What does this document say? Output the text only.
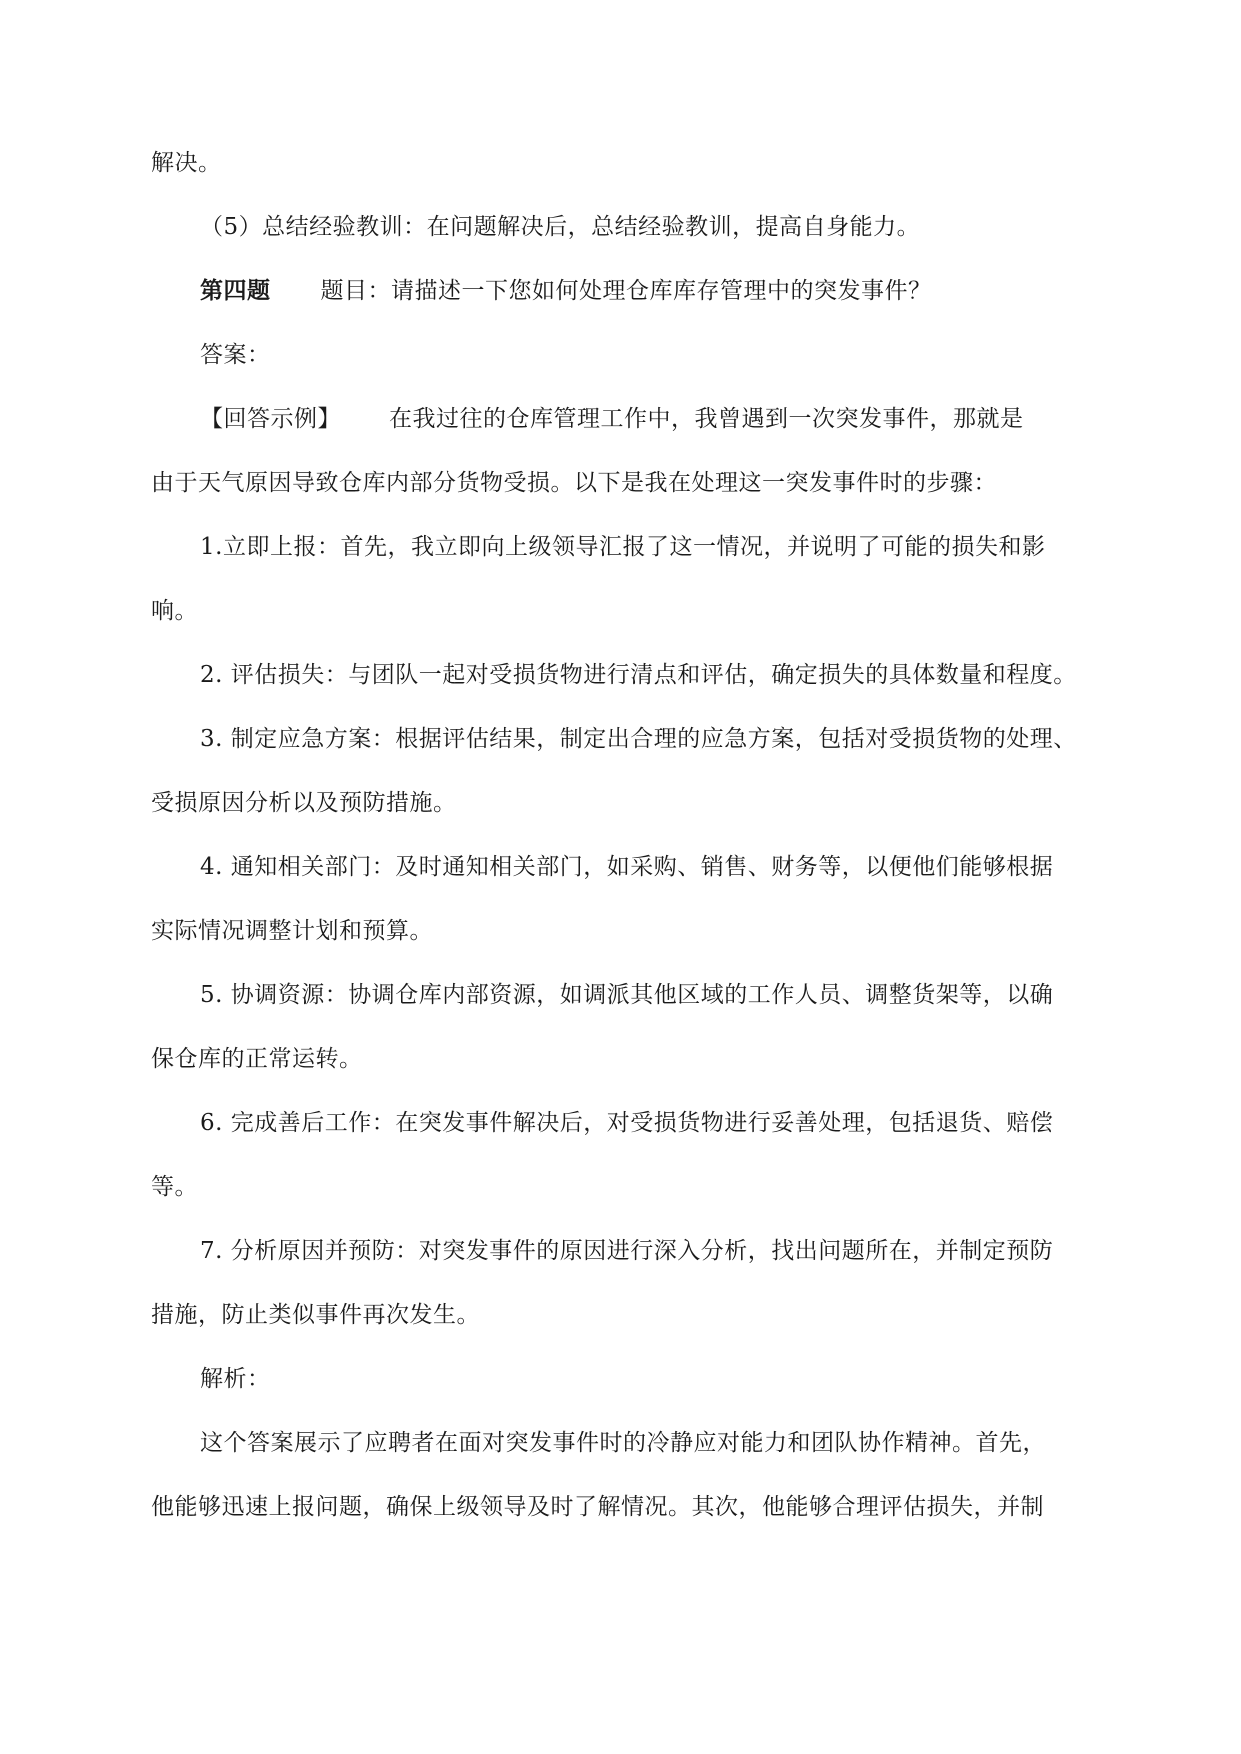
解决。
（5）总结经验教训：在问题解决后，总结经验教训，提高自身能力。
第四题 题目：请描述一下您如何处理仓库库存管理中的突发事件？
答案：
【回答示例】 在我过往的仓库管理工作中，我曾遇到一次突发事件，那就是
由于天气原因导致仓库内部分货物受损。以下是我在处理这一突发事件时的步骤：
1.立即上报：首先，我立即向上级领导汇报了这一情况，并说明了可能的损失和影
响。
2. 评估损失：与团队一起对受损货物进行清点和评估，确定损失的具体数量和程度。
3. 制定应急方案：根据评估结果，制定出合理的应急方案，包括对受损货物的处理、
受损原因分析以及预防措施。
4. 通知相关部门：及时通知相关部门，如采购、销售、财务等，以便他们能够根据
实际情况调整计划和预算。
5. 协调资源：协调仓库内部资源，如调派其他区域的工作人员、调整货架等，以确
保仓库的正常运转。
6. 完成善后工作：在突发事件解决后，对受损货物进行妥善处理，包括退货、赔偿
等。
7. 分析原因并预防：对突发事件的原因进行深入分析，找出问题所在，并制定预防
措施，防止类似事件再次发生。
解析：
这个答案展示了应聘者在面对突发事件时的冷静应对能力和团队协作精神。首先，
他能够迅速上报问题，确保上级领导及时了解情况。其次，他能够合理评估损失，并制
